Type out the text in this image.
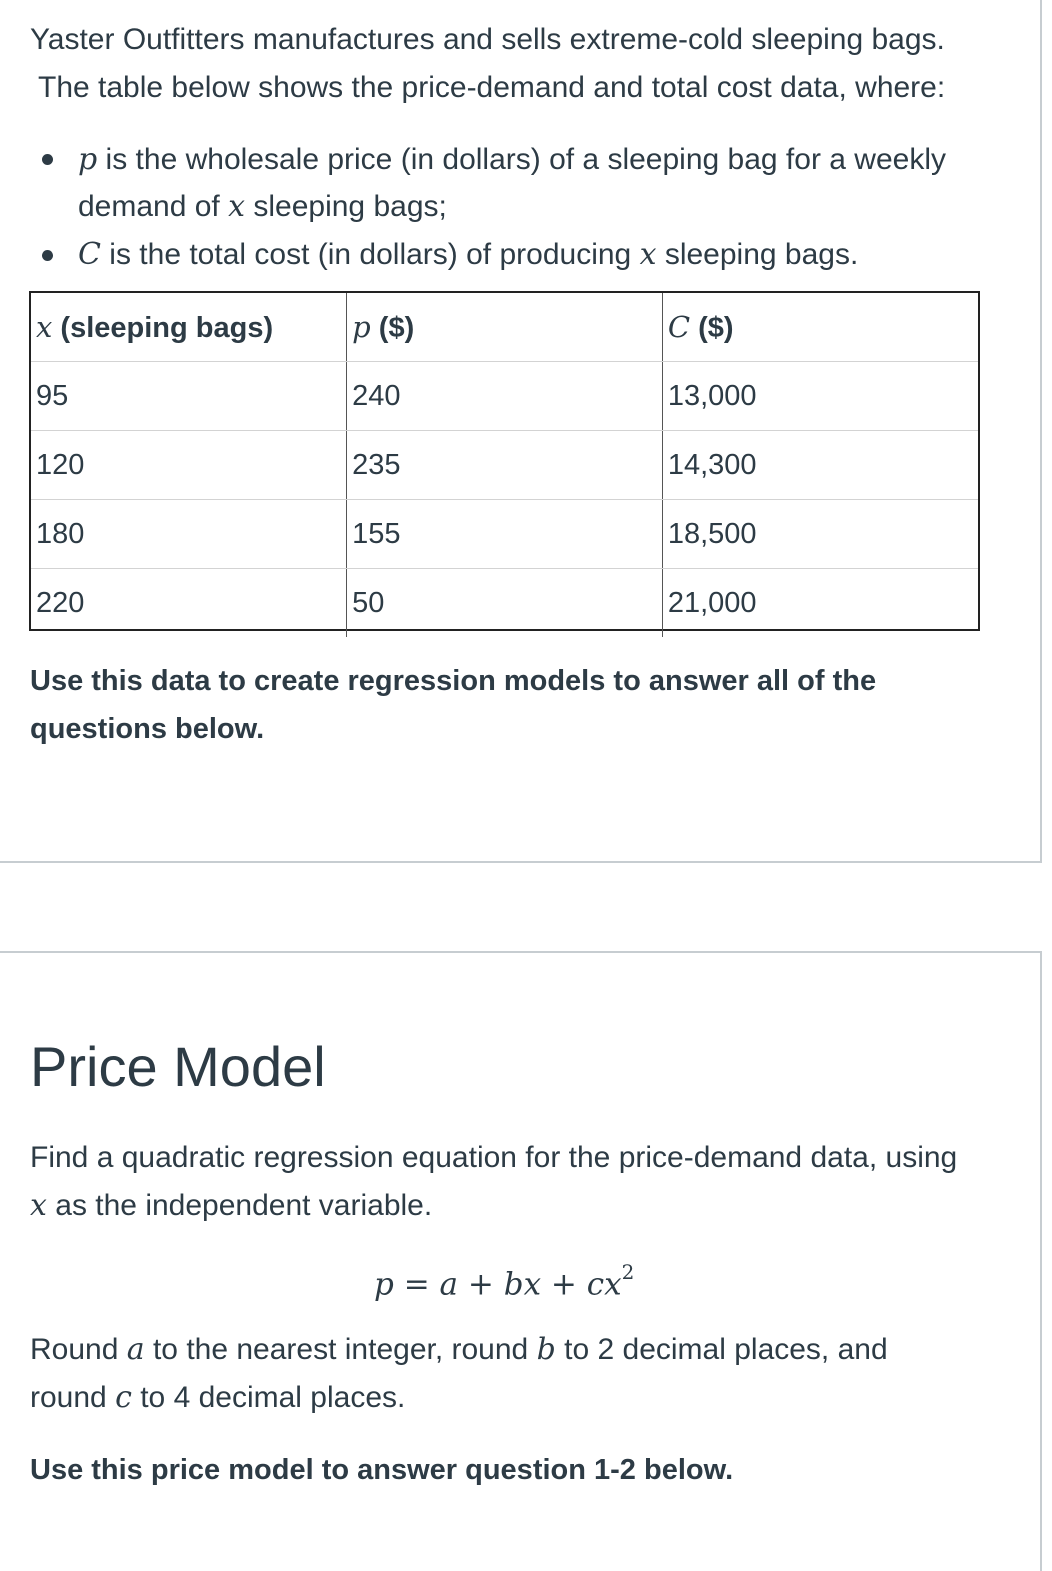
Yaster Outfitters manufactures and sells extreme-cold sleeping bags.
The table below shows the price-demand and total cost data, where:
p is the wholesale price (in dollars) of a sleeping bag for a weekly
demand of x sleeping bags;
C is the total cost (in dollars) of producing x sleeping bags.
x (sleeping bags)	p ($)	C ($)
95	240	13,000
120	235	14,300
180	155	18,500
220	50	21,000
Use this data to create regression models to answer all of the
questions below.
Price Model
Find a quadratic regression equation for the price-demand data, using
x as the independent variable.
p = a + bx + $cx^2$
Round a to the nearest integer, round b to 2 decimal places, and
round c to 4 decimal places.
Use this price model to answer question 1-2 below.
